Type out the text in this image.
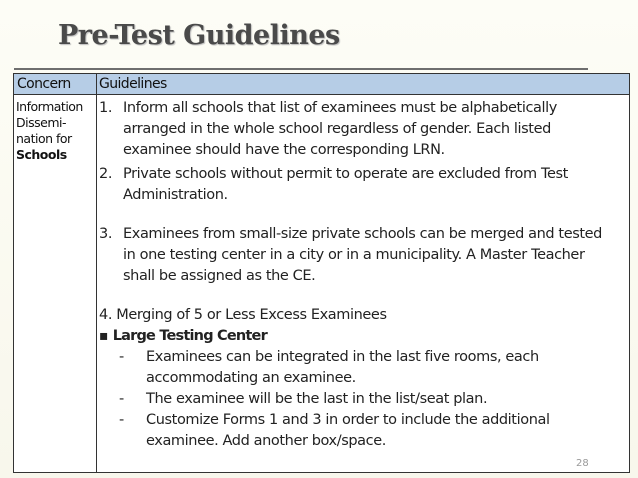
Pre-Test Guidelines
Concern Guidelines
Information
Dissemi-
nation for
Schools
1. Inform all schools that list of examinees must be alphabetically
arranged in the whole school regardless of gender. Each listed
examinee should have the corresponding LRN.
2. Private schools without permit to operate are excluded from Test
Administration.
3. Examinees from small-size private schools can be merged and tested
in one testing center in a city or in a municipality. A Master Teacher
shall be assigned as the CE.
4. Merging of 5 or Less Excess Examinees
▪ Large Testing Center
- Examinees can be integrated in the last five rooms, each
accommodating an examinee.
- The examinee will be the last in the list/seat plan.
- Customize Forms 1 and 3 in order to include the additional
examinee. Add another box/space.
28
